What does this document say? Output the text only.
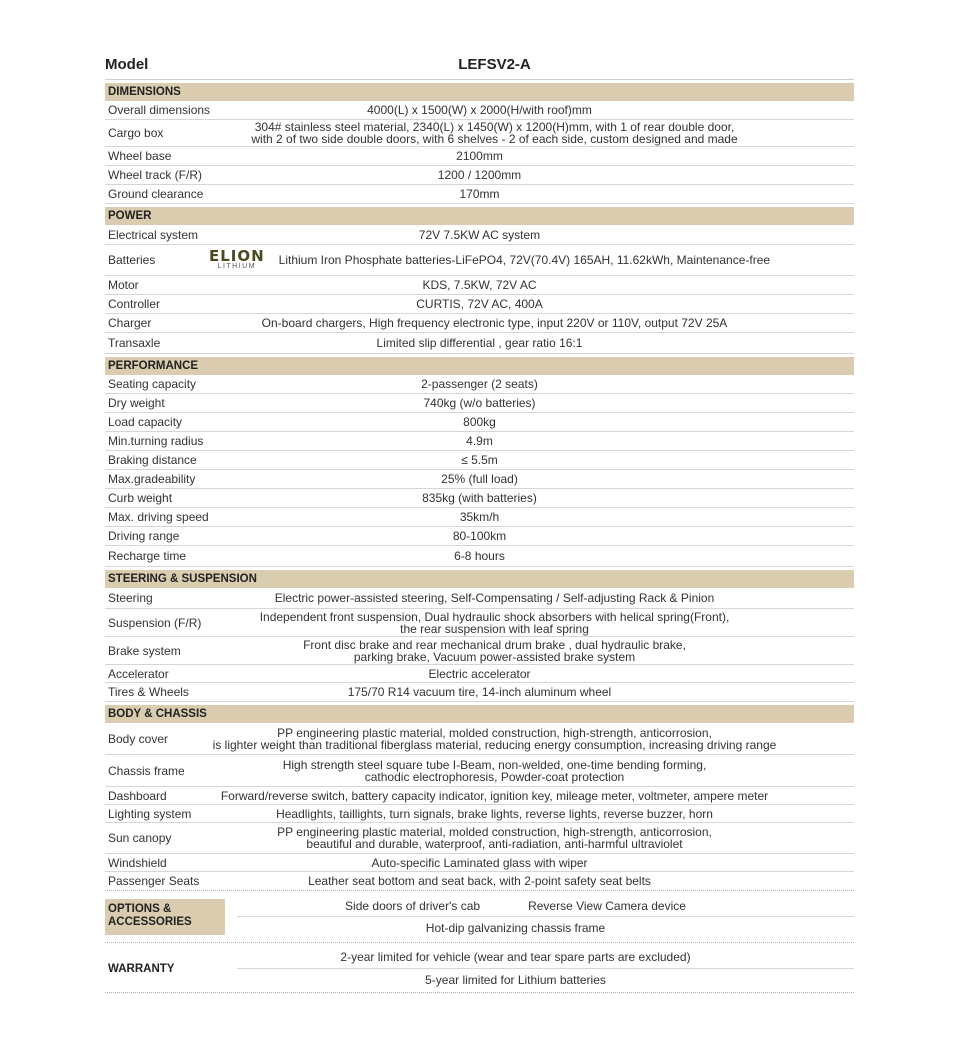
Model	LEFSV2-A
DIMENSIONS
Overall dimensions	4000(L) x 1500(W) x 2000(H/with roof)mm
Cargo box	304# stainless steel material, 2340(L) x 1450(W) x 1200(H)mm, with 1 of rear double door,
with 2 of two side double doors, with 6 shelves - 2 of each side, custom designed and made
Wheel base	2100mm
Wheel track (F/R)	1200 / 1200mm
Ground clearance	170mm
POWER
Electrical system	72V 7.5KW AC system
Batteries	ELION
LITHIUM Lithium Iron Phosphate batteries-LiFePO4, 72V(70.4V) 165AH, 11.62kWh, Maintenance-free
Motor	KDS, 7.5KW, 72V AC
Controller	CURTIS, 72V AC, 400A
Charger	On-board chargers, High frequency electronic type, input 220V or 110V, output 72V 25A
Transaxle	Limited slip differential , gear ratio 16:1
PERFORMANCE
Seating capacity	2-passenger (2 seats)
Dry weight	740kg (w/o batteries)
Load capacity	800kg
Min.turning radius	4.9m
Braking distance	≤ 5.5m
Max.gradeability	25% (full load)
Curb weight	835kg (with batteries)
Max. driving speed	35km/h
Driving range	80-100km
Recharge time	6-8 hours
STEERING & SUSPENSION
Steering	Electric power-assisted steering, Self-Compensating / Self-adjusting Rack & Pinion
Suspension (F/R)	Independent front suspension, Dual hydraulic shock absorbers with helical spring(Front),
the rear suspension with leaf spring
Brake system	Front disc brake and rear mechanical drum brake , dual hydraulic brake,
parking brake, Vacuum power-assisted brake system
Accelerator	Electric accelerator
Tires & Wheels	175/70 R14 vacuum tire, 14-inch aluminum wheel
BODY & CHASSIS
Body cover	PP engineering plastic material, molded construction, high-strength, anticorrosion,
is lighter weight than traditional fiberglass material, reducing energy consumption, increasing driving range
Chassis frame	High strength steel square tube I-Beam, non-welded, one-time bending forming,
cathodic electrophoresis, Powder-coat protection
Dashboard	Forward/reverse switch, battery capacity indicator, ignition key, mileage meter, voltmeter, ampere meter
Lighting system	Headlights, taillights, turn signals, brake lights, reverse lights, reverse buzzer, horn
Sun canopy	PP engineering plastic material, molded construction, high-strength, anticorrosion,
beautiful and durable, waterproof, anti-radiation, anti-harmful ultraviolet
Windshield	Auto-specific Laminated glass with wiper
Passenger Seats	Leather seat bottom and seat back, with 2-point safety seat belts
OPTIONS &
ACCESSORIES
Side doors of driver's cab	Reverse View Camera device
Hot-dip galvanizing chassis frame
WARRANTY
2-year limited for vehicle (wear and tear spare parts are excluded)
5-year limited for Lithium batteries
